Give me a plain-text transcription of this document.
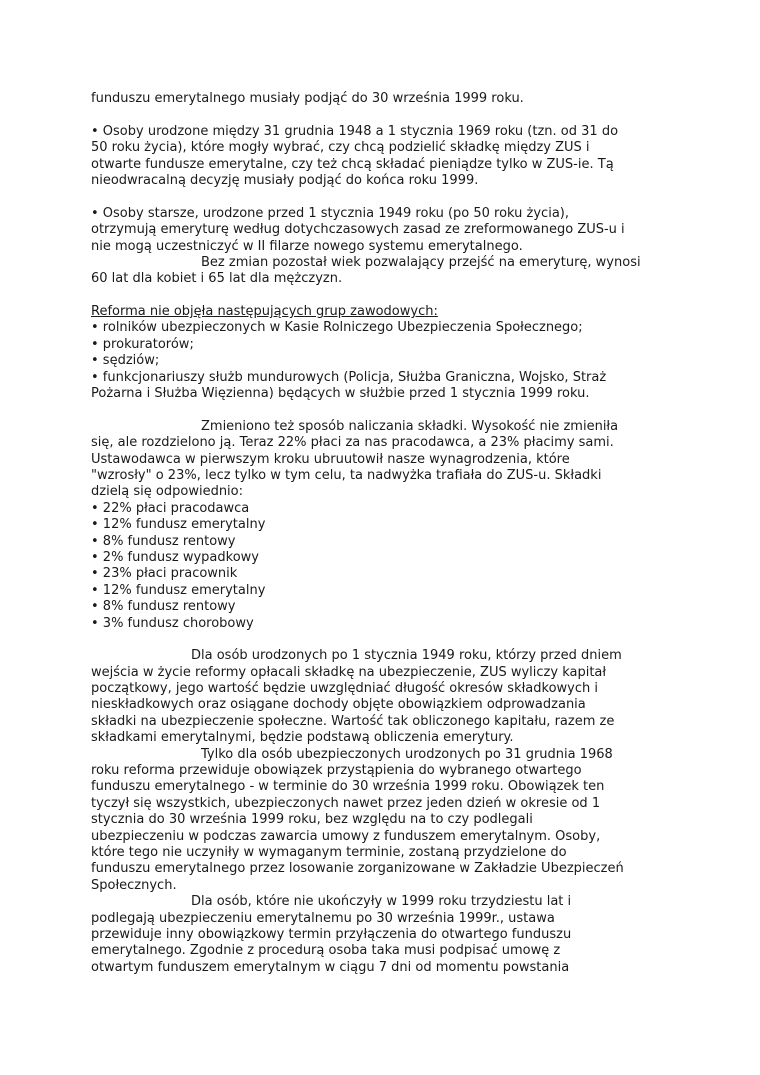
funduszu emerytalnego musiały podjąć do 30 września 1999 roku.
• Osoby urodzone między 31 grudnia 1948 a 1 stycznia 1969 roku (tzn. od 31 do
50 roku życia), które mogły wybrać, czy chcą podzielić składkę między ZUS i
otwarte fundusze emerytalne, czy też chcą składać pieniądze tylko w ZUS-ie. Tą
nieodwracalną decyzję musiały podjąć do końca roku 1999.
• Osoby starsze, urodzone przed 1 stycznia 1949 roku (po 50 roku życia),
otrzymują emeryturę według dotychczasowych zasad ze zreformowanego ZUS-u i
nie mogą uczestniczyć w II filarze nowego systemu emerytalnego.
Bez zmian pozostał wiek pozwalający przejść na emeryturę, wynosi
60 lat dla kobiet i 65 lat dla mężczyzn.
Reforma nie objęła następujących grup zawodowych:
• rolników ubezpieczonych w Kasie Rolniczego Ubezpieczenia Społecznego;
• prokuratorów;
• sędziów;
• funkcjonariuszy służb mundurowych (Policja, Służba Graniczna, Wojsko, Straż
Pożarna i Służba Więzienna) będących w służbie przed 1 stycznia 1999 roku.
Zmieniono też sposób naliczania składki. Wysokość nie zmieniła
się, ale rozdzielono ją. Teraz 22% płaci za nas pracodawca, a 23% płacimy sami.
Ustawodawca w pierwszym kroku ubruutowił nasze wynagrodzenia, które
"wzrosły" o 23%, lecz tylko w tym celu, ta nadwyżka trafiała do ZUS-u. Składki
dzielą się odpowiednio:
• 22% płaci pracodawca
• 12% fundusz emerytalny
• 8% fundusz rentowy
• 2% fundusz wypadkowy
• 23% płaci pracownik
• 12% fundusz emerytalny
• 8% fundusz rentowy
• 3% fundusz chorobowy
Dla osób urodzonych po 1 stycznia 1949 roku, którzy przed dniem
wejścia w życie reformy opłacali składkę na ubezpieczenie, ZUS wyliczy kapitał
początkowy, jego wartość będzie uwzględniać długość okresów składkowych i
nieskładkowych oraz osiągane dochody objęte obowiązkiem odprowadzania
składki na ubezpieczenie społeczne. Wartość tak obliczonego kapitału, razem ze
składkami emerytalnymi, będzie podstawą obliczenia emerytury.
Tylko dla osób ubezpieczonych urodzonych po 31 grudnia 1968
roku reforma przewiduje obowiązek przystąpienia do wybranego otwartego
funduszu emerytalnego - w terminie do 30 września 1999 roku. Obowiązek ten
tyczył się wszystkich, ubezpieczonych nawet przez jeden dzień w okresie od 1
stycznia do 30 września 1999 roku, bez względu na to czy podlegali
ubezpieczeniu w podczas zawarcia umowy z funduszem emerytalnym. Osoby,
które tego nie uczyniły w wymaganym terminie, zostaną przydzielone do
funduszu emerytalnego przez losowanie zorganizowane w Zakładzie Ubezpieczeń
Społecznych.
Dla osób, które nie ukończyły w 1999 roku trzydziestu lat i
podlegają ubezpieczeniu emerytalnemu po 30 września 1999r., ustawa
przewiduje inny obowiązkowy termin przyłączenia do otwartego funduszu
emerytalnego. Zgodnie z procedurą osoba taka musi podpisać umowę z
otwartym funduszem emerytalnym w ciągu 7 dni od momentu powstania
